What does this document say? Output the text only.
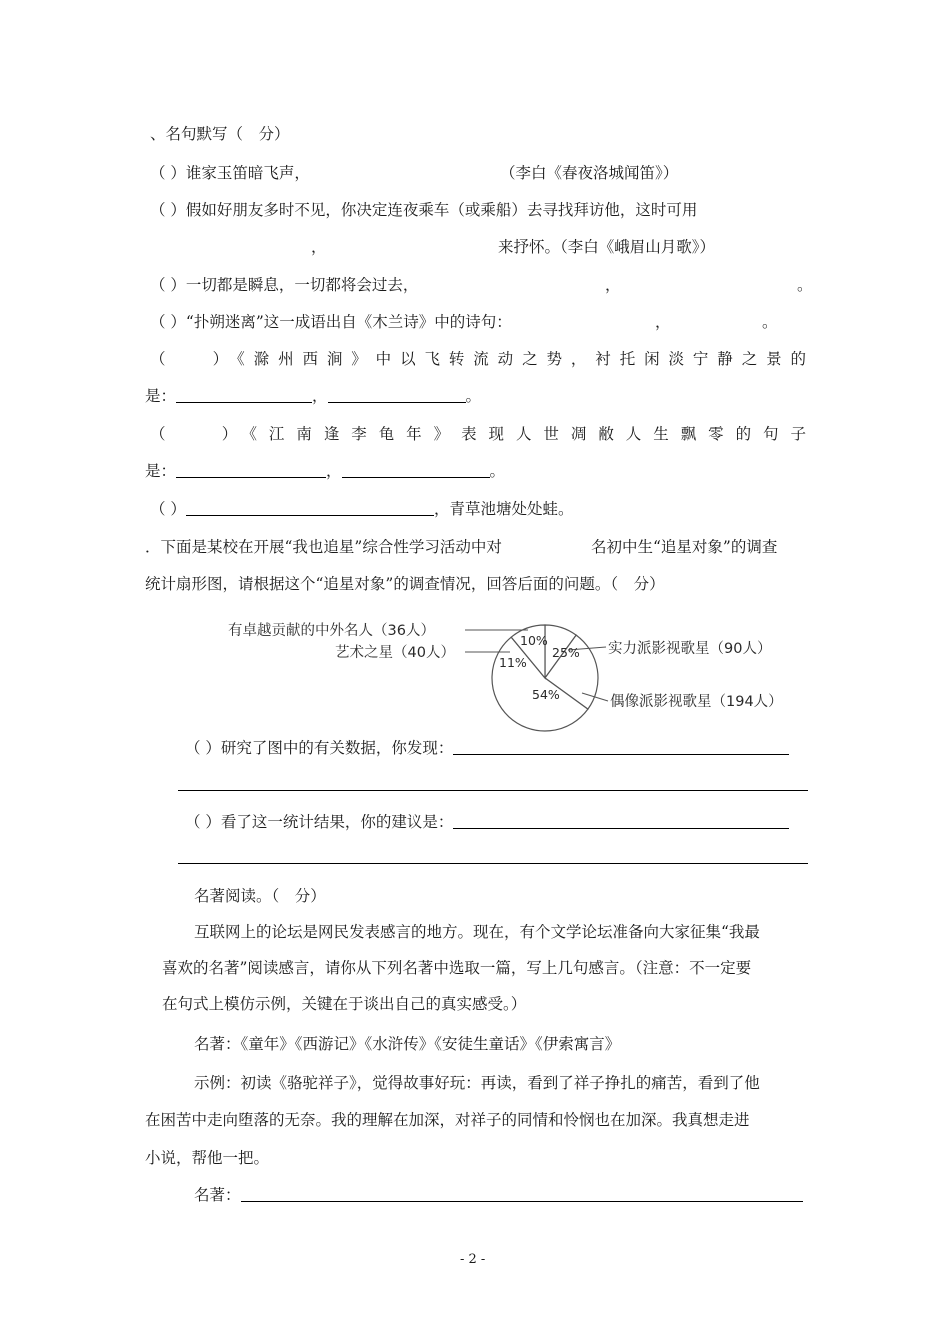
、名句默写（　分）
（ ）谁家玉笛暗飞声，	（李白《春夜洛城闻笛》）
（ ）假如好朋友多时不见，你决定连夜乘车（或乘船）去寻找拜访他，这时可用
，	来抒怀。（李白《峨眉山月歌》）
（ ）一切都是瞬息，一切都将会过去，	，	。
（ ）“扑朔迷离”这一成语出自《木兰诗》中的诗句：	，	。
（　 ）《滁州西涧》中以飞转流动之势，衬托闲淡宁静之景的
是：	，	。
（　 ）《江南逢李龟年》表现人世凋敝人生飘零的句子
是：	，	。
（ ）	，青草池塘处处蛙。
．下面是某校在开展“我也追星”综合性学习活动中对	名初中生“追星对象”的调查
统计扇形图，请根据这个“追星对象”的调查情况，回答后面的问题。（　分）
有卓越贡献的中外名人（36人）
艺术之星（40人）	实力派影视歌星（90人）
偶像派影视歌星（194人）
10%
11%
25%
54%
（ ）研究了图中的有关数据，你发现：
（ ）看了这一统计结果，你的建议是：
名著阅读。（　分）
互联网上的论坛是网民发表感言的地方。现在，有个文学论坛准备向大家征集“我最
喜欢的名著”阅读感言，请你从下列名著中选取一篇，写上几句感言。（注意：不一定要
在句式上模仿示例，关键在于谈出自己的真实感受。）
名著：《童年》《西游记》《水浒传》《安徒生童话》《伊索寓言》
示例：初读《骆驼祥子》，觉得故事好玩：再读，看到了祥子挣扎的痛苦，看到了他
在困苦中走向堕落的无奈。我的理解在加深，对祥子的同情和怜悯也在加深。我真想走进
小说，帮他一把。
名著：
- 2 -
